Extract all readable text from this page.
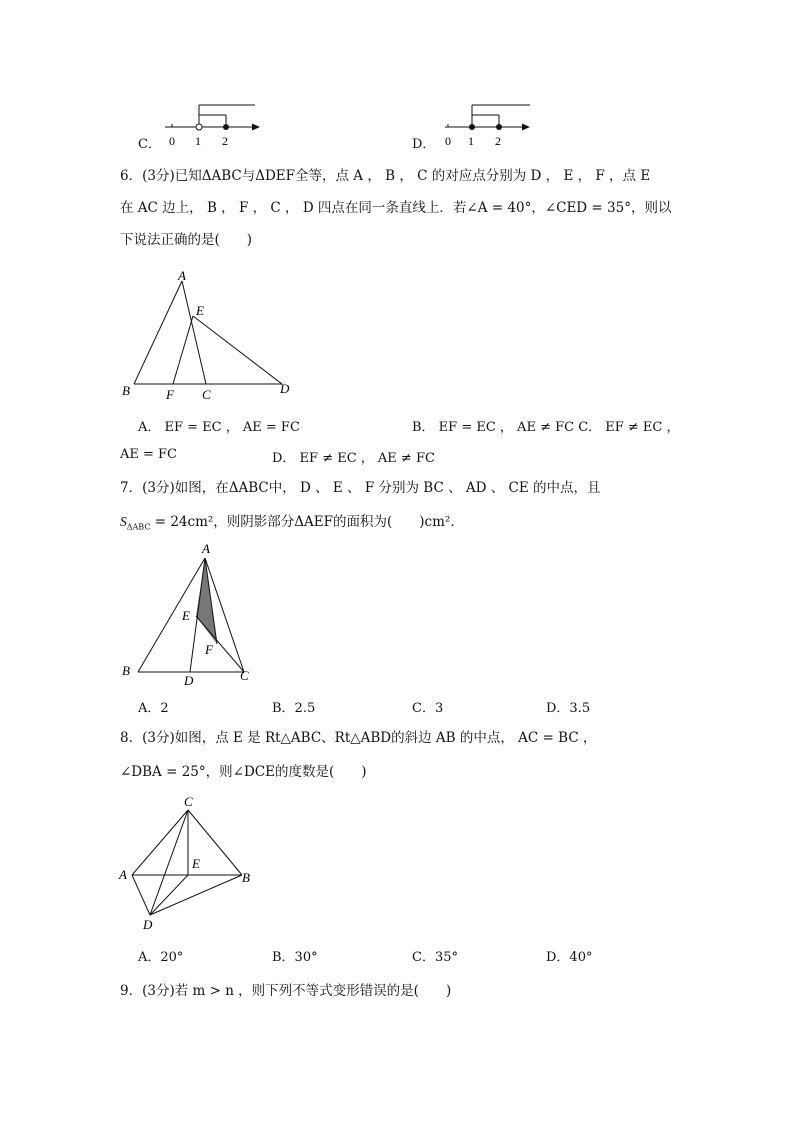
C． 0 1 2	D． 0 1 2
6．(3分)已知ΔABC与ΔDEF全等，点 A ， B ， C 的对应点分别为 D ， E ， F ，点 E
在 AC 边上， B ， F ， C ， D 四点在同一条直线上．若∠A = 40°，∠CED = 35°，则以
下说法正确的是(　　)
A
E
B	F C	D
A． EF = EC ， AE = FC	B． EF = EC ， AE ≠ FC C． EF ≠ EC ，
AE = FC	D． EF ≠ EC ， AE ≠ FC
7．(3分)如图，在ΔABC中， D 、 E 、 F 分别为 BC 、 AD 、 CE 的中点，且
$S_{\Delta ABC} = 24cm^2$，则阴影部分ΔAEF的面积为(　　)cm²．
A
E
F
B
D	C
A．2	B．2.5	C．3	D．3.5
8．(3分)如图，点 E 是 Rt△ABC、Rt△ABD的斜边 AB 的中点， AC = BC ，
∠DBA = 25°，则∠DCE的度数是(　　)
C
E
A	B
D
A．20°	B．30°	C．35°	D．40°
9．(3分)若 m > n ，则下列不等式变形错误的是(　　)
